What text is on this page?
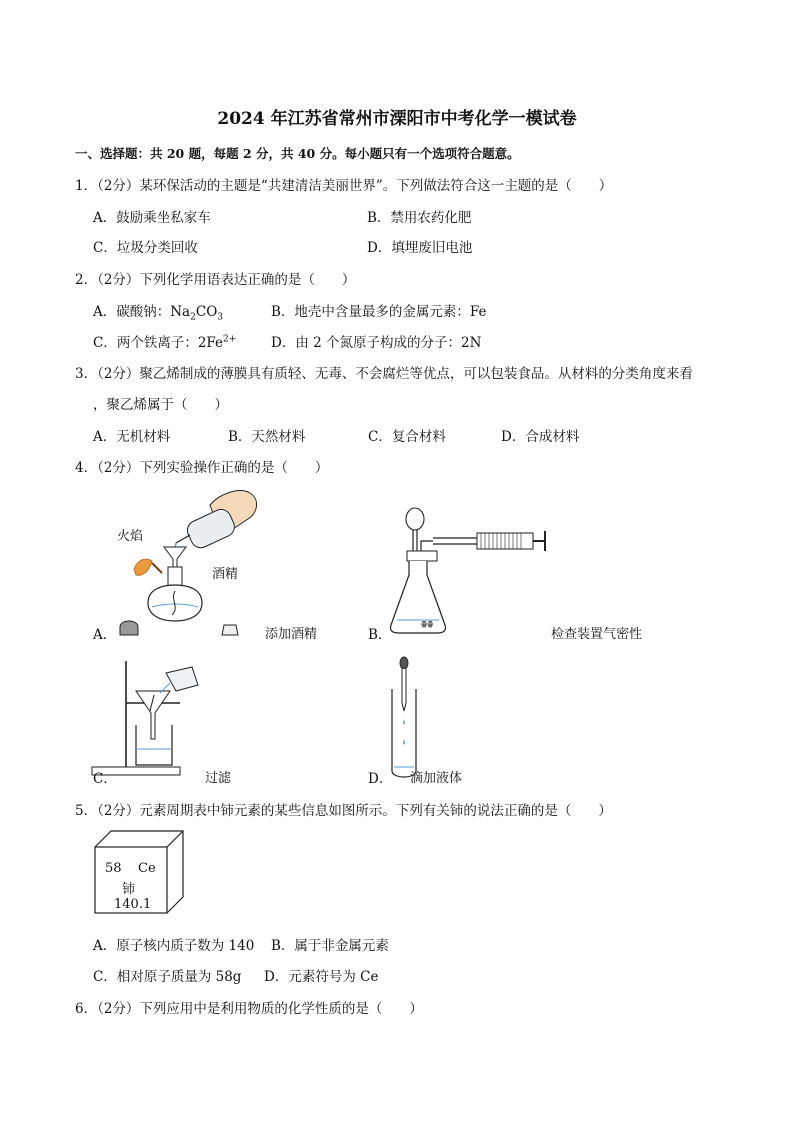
2024 年江苏省常州市溧阳市中考化学一模试卷
一、选择题：共 20 题，每题 2 分，共 40 分。每小题只有一个选项符合题意。
1．（2分）某环保活动的主题是“共建清洁美丽世界”。下列做法符合这一主题的是（　　）
A．鼓励乘坐私家车	B．禁用农药化肥
C．垃圾分类回收	D．填埋废旧电池
2．（2分）下列化学用语表达正确的是（　　）
A．碳酸钠：$Na_2CO_3$	B．地壳中含量最多的金属元素：Fe
C．两个铁离子：$2Fe^{2+}$	D．由 2 个氮原子构成的分子：2N
3．（2分）聚乙烯制成的薄膜具有质轻、无毒、不会腐烂等优点，可以包装食品。从材料的分类角度来看
，聚乙烯属于（　　）
A．无机材料	B．天然材料	C．复合材料	D．合成材料
4．（2分）下列实验操作正确的是（　　）
火焰
酒精
A．	添加酒精
ꙮꙮ
B．	检查装置气密性
C．	过滤	D． 滴加液体
5．（2分）元素周期表中铈元素的某些信息如图所示。下列有关铈的说法正确的是（　　）
58 Ce
铈
140.1
A．原子核内质子数为 140 B．属于非金属元素
C．相对原子质量为 58g D．元素符号为 Ce
6．（2分）下列应用中是利用物质的化学性质的是（　　）
